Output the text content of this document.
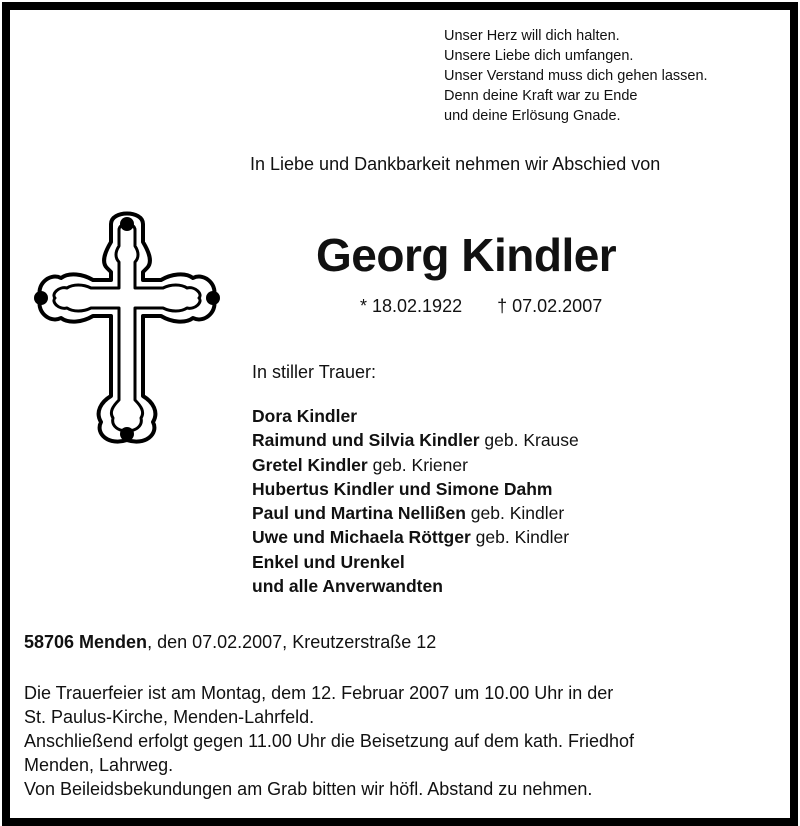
Unser Herz will dich halten.
Unsere Liebe dich umfangen.
Unser Verstand muss dich gehen lassen.
Denn deine Kraft war zu Ende
und deine Erlösung Gnade.
In Liebe und Dankbarkeit nehmen wir Abschied von
Georg Kindler
* 18.02.1922 † 07.02.2007
In stiller Trauer:
Dora Kindler
Raimund und Silvia Kindler geb. Krause
Gretel Kindler geb. Kriener
Hubertus Kindler und Simone Dahm
Paul und Martina Nellißen geb. Kindler
Uwe und Michaela Röttger geb. Kindler
Enkel und Urenkel
und alle Anverwandten
58706 Menden, den 07.02.2007, Kreutzerstraße 12
Die Trauerfeier ist am Montag, dem 12. Februar 2007 um 10.00 Uhr in der
St. Paulus-Kirche, Menden-Lahrfeld.
Anschließend erfolgt gegen 11.00 Uhr die Beisetzung auf dem kath. Friedhof
Menden, Lahrweg.
Von Beileidsbekundungen am Grab bitten wir höfl. Abstand zu nehmen.
